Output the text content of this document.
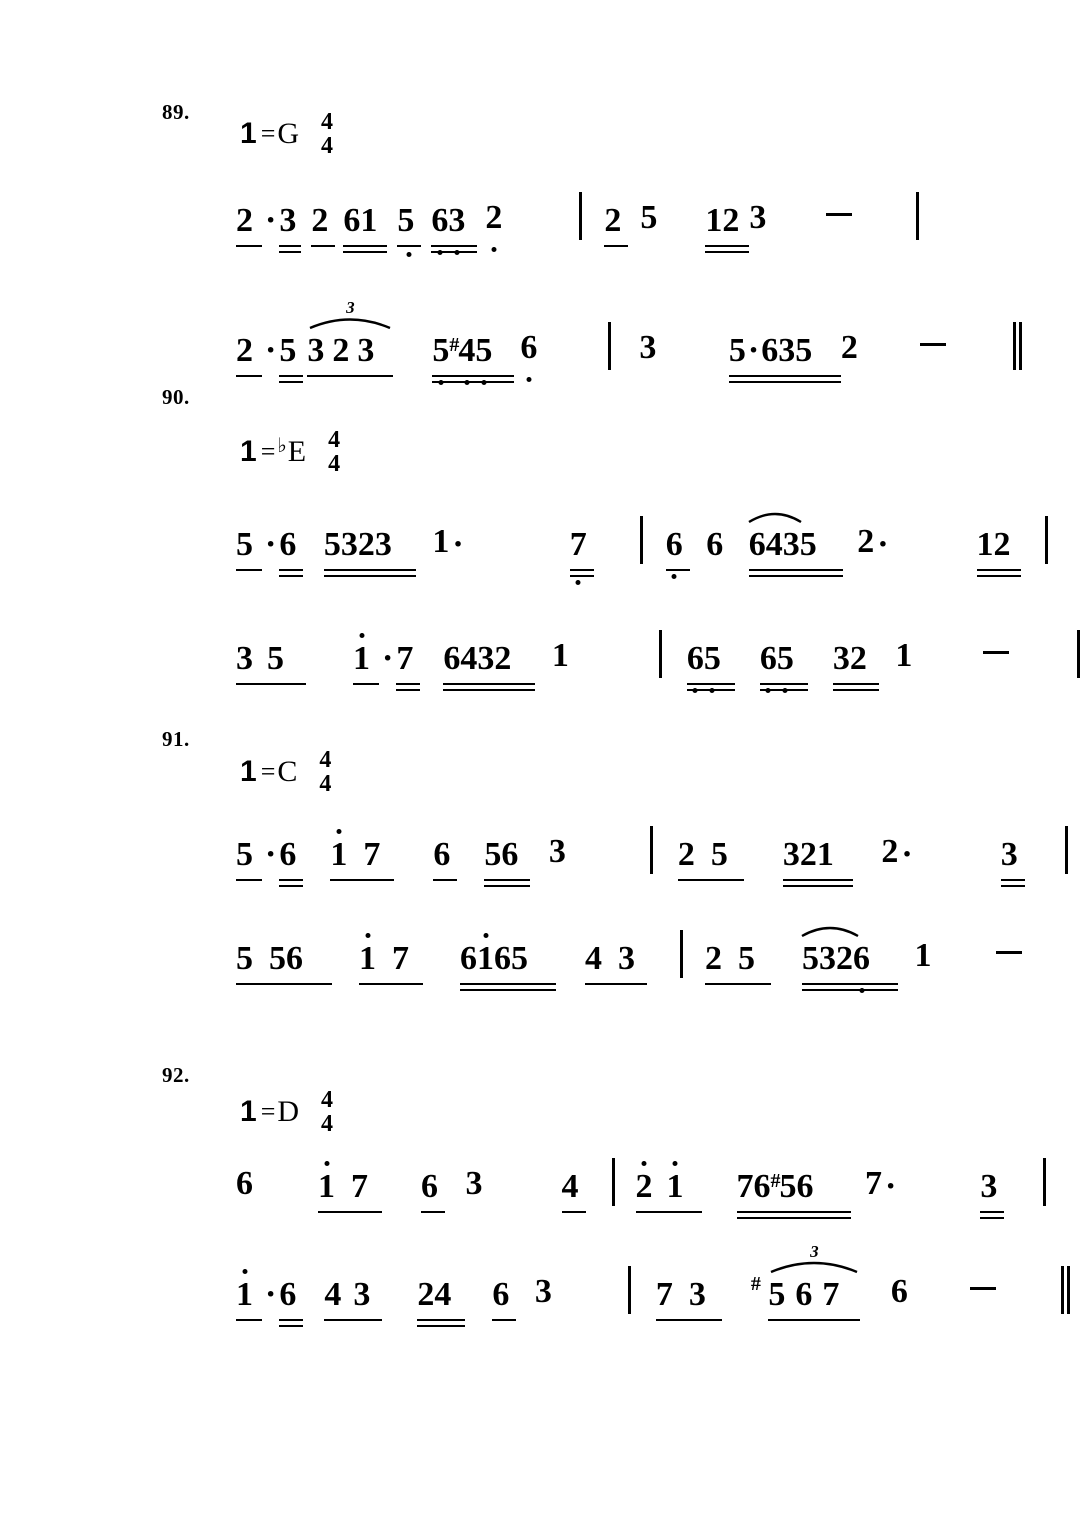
89.
1 = G 4
4
2 ·3 2 61 5 6
3 2	2 5 12 3
2 ·5
3
3 2 3 5
#4
5 6	3 5·635 2
90.
1 = ♭E 4
4
5 ·6 5323 1·	7 6 6 6435 2·	12
3 5 1 ·7 6432 1	6
5 6
5 32 1
91.
1 = C 4
4
5 ·6 1 7 6 56 3	2 5 321 2·	3
5 56 1 7 61
65 4 3 2 5 5326 1
92.
1 = D 4
4
6 1 7 6 3 4 2 1 76#56 7· 3
1 ·6 4 3 24 6 3	7 3 #
3
5 6 7 6
